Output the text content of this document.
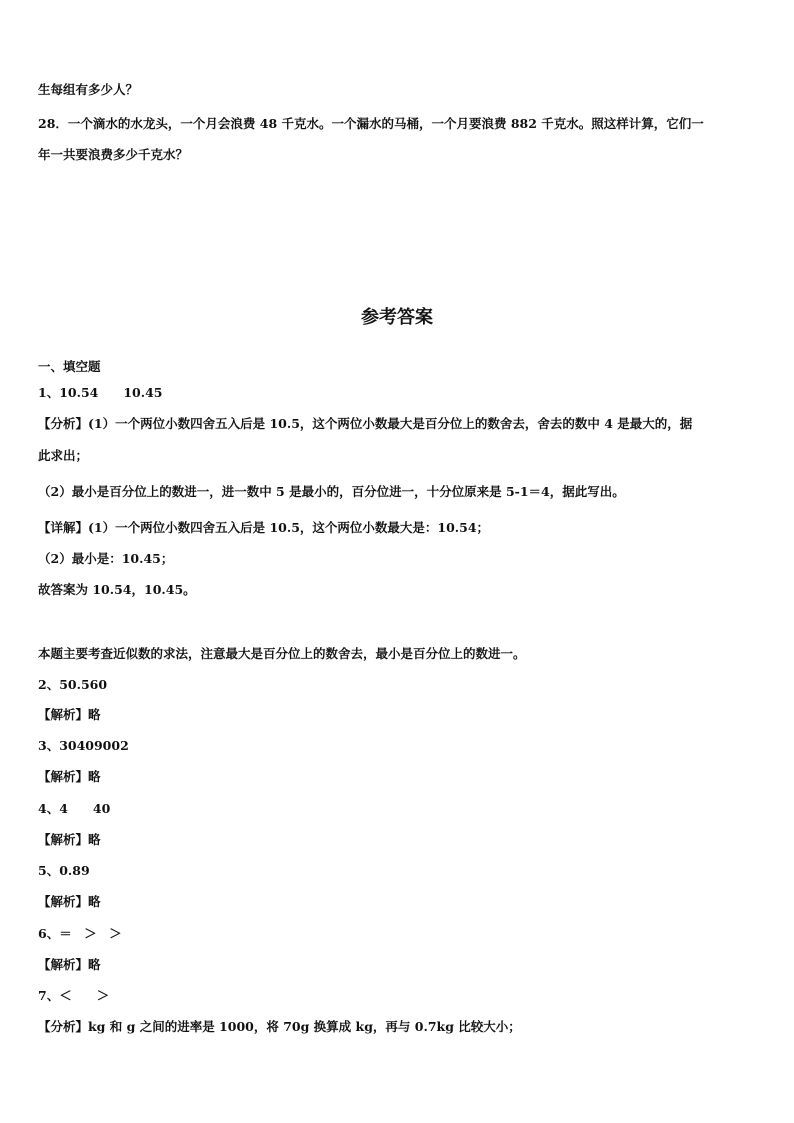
生每组有多少人？
28．一个滴水的水龙头，一个月会浪费 48 千克水。一个漏水的马桶，一个月要浪费 882 千克水。照这样计算，它们一
年一共要浪费多少千克水？
参考答案
一、填空题
1、10.54　　10.45
【分析】(1）一个两位小数四舍五入后是 10.5，这个两位小数最大是百分位上的数舍去，舍去的数中 4 是最大的，据
此求出；
（2）最小是百分位上的数进一，进一数中 5 是最小的，百分位进一，十分位原来是 5-1＝4，据此写出。
【详解】(1）一个两位小数四舍五入后是 10.5，这个两位小数最大是：10.54；
（2）最小是：10.45；
故答案为 10.54，10.45。
本题主要考查近似数的求法，注意最大是百分位上的数舍去，最小是百分位上的数进一。
2、50.560
【解析】略
3、30409002
【解析】略
4、4　　40
【解析】略
5、0.89
【解析】略
6、＝　＞　＞
【解析】略
7、＜　　＞
【分析】kg 和 g 之间的进率是 1000，将 70g 换算成 kg，再与 0.7kg 比较大小；
